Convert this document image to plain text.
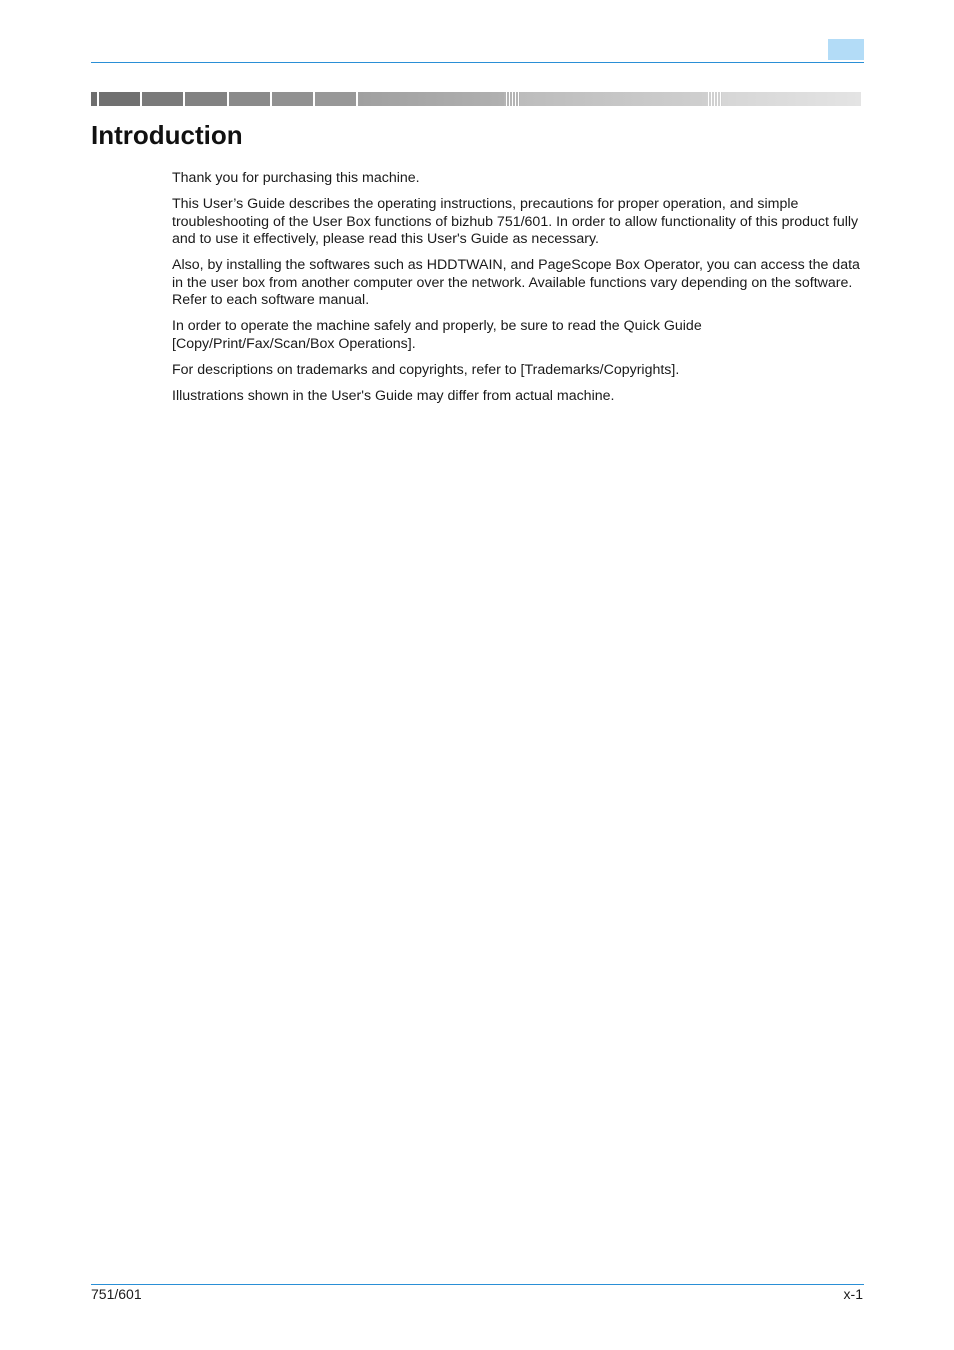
Introduction

Thank you for purchasing this machine.

This User’s Guide describes the operating instructions, precautions for proper operation, and simple troubleshooting of the User Box functions of bizhub 751/601. In order to allow functionality of this product fully and to use it effectively, please read this User's Guide as necessary.

Also, by installing the softwares such as HDDTWAIN, and PageScope Box Operator, you can access the data in the user box from another computer over the network. Available functions vary depending on the software. Refer to each software manual.

In order to operate the machine safely and properly, be sure to read the Quick Guide [Copy/Print/Fax/Scan/Box Operations].

For descriptions on trademarks and copyrights, refer to [Trademarks/Copyrights].

Illustrations shown in the User's Guide may differ from actual machine.

751/601	x-1
